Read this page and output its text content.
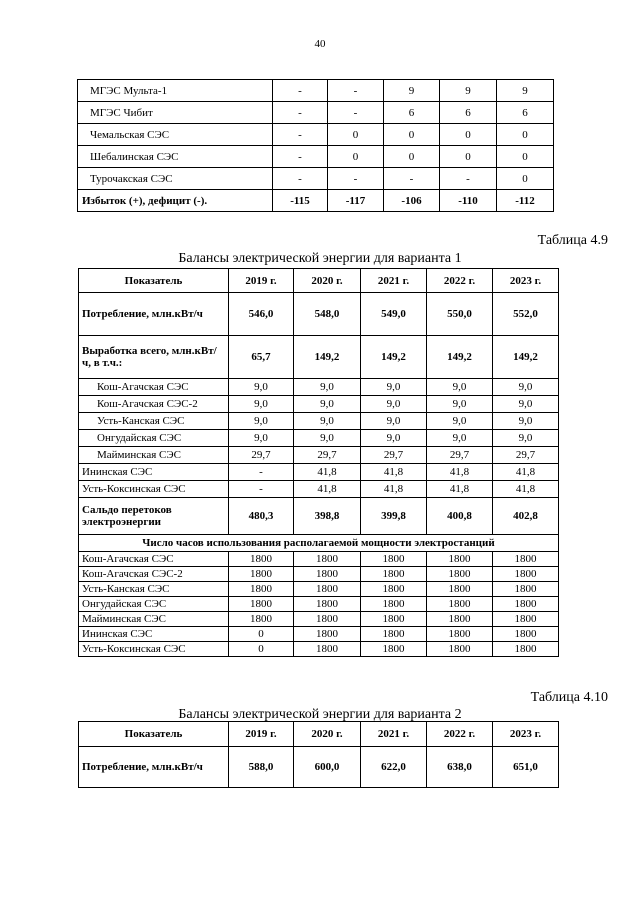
40
МГЭС Мульта-1	-	-	9	9	9
МГЭС Чибит	-	-	6	6	6
Чемальская СЭС	-	0	0	0	0
Шебалинская СЭС	-	0	0	0	0
Турочакская СЭС	-	-	-	-	0
Избыток (+), дефицит (-).	-115	-117	-106	-110	-112
Таблица 4.9
Балансы электрической энергии для варианта 1
Показатель	2019 г.	2020 г.	2021 г.	2022 г.	2023 г.
Потребление, млн.кВт/ч	546,0	548,0	549,0	550,0	552,0
Выработка всего, млн.кВт/ч, в т.ч.:	65,7	149,2	149,2	149,2	149,2
Кош-Агачская СЭС	9,0	9,0	9,0	9,0	9,0
Кош-Агачская СЭС-2	9,0	9,0	9,0	9,0	9,0
Усть-Канская СЭС	9,0	9,0	9,0	9,0	9,0
Онгудайская СЭС	9,0	9,0	9,0	9,0	9,0
Майминская СЭС	29,7	29,7	29,7	29,7	29,7
Ининская СЭС	-	41,8	41,8	41,8	41,8
Усть-Коксинская СЭС	-	41,8	41,8	41,8	41,8
Сальдо перетоков электроэнергии	480,3	398,8	399,8	400,8	402,8
Число часов использования располагаемой мощности электростанций					
Кош-Агачская СЭС	1800	1800	1800	1800	1800
Кош-Агачская СЭС-2	1800	1800	1800	1800	1800
Усть-Канская СЭС	1800	1800	1800	1800	1800
Онгудайская СЭС	1800	1800	1800	1800	1800
Майминская СЭС	1800	1800	1800	1800	1800
Ининская СЭС	0	1800	1800	1800	1800
Усть-Коксинская СЭС	0	1800	1800	1800	1800
Таблица 4.10
Балансы электрической энергии для варианта 2
Показатель	2019 г.	2020 г.	2021 г.	2022 г.	2023 г.
Потребление, млн.кВт/ч	588,0	600,0	622,0	638,0	651,0
